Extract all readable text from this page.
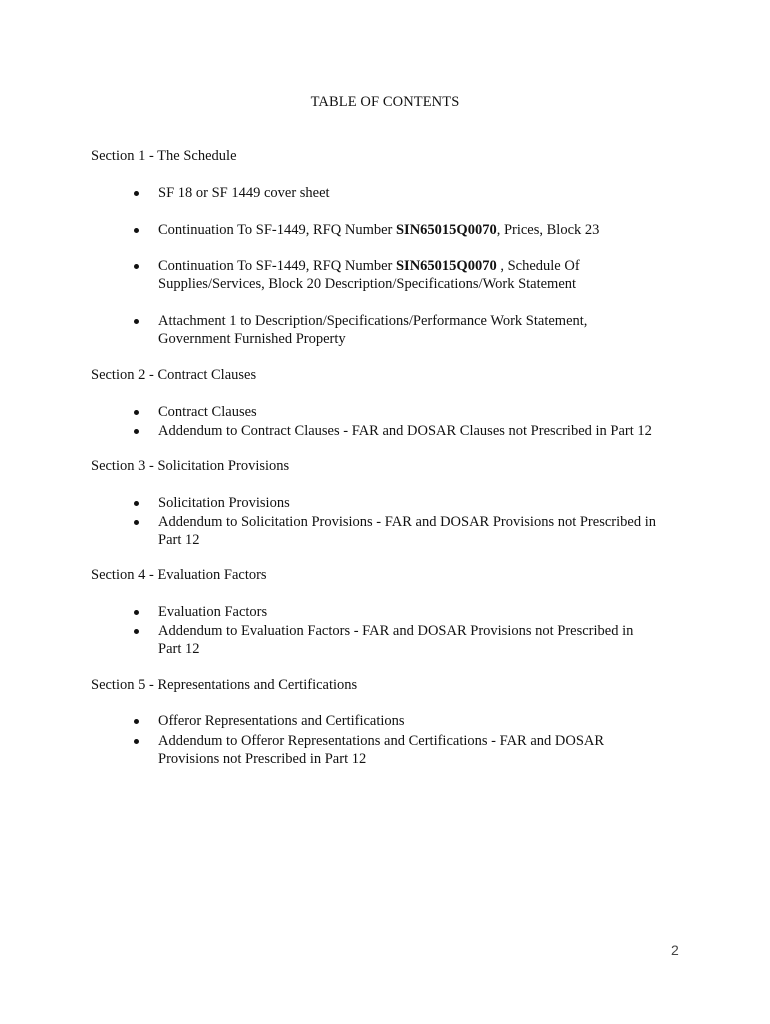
TABLE OF CONTENTS
Section 1 - The Schedule
SF 18 or SF 1449 cover sheet
Continuation To SF-1449, RFQ Number SIN65015Q0070, Prices, Block 23
Continuation To SF-1449, RFQ Number SIN65015Q0070 , Schedule Of
Supplies/Services, Block 20 Description/Specifications/Work Statement
Attachment 1 to Description/Specifications/Performance Work Statement,
Government Furnished Property
Section 2 - Contract Clauses
Contract Clauses
Addendum to Contract Clauses - FAR and DOSAR Clauses not Prescribed in Part 12
Section 3 - Solicitation Provisions
Solicitation Provisions
Addendum to Solicitation Provisions - FAR and DOSAR Provisions not Prescribed in
Part 12
Section 4 - Evaluation Factors
Evaluation Factors
Addendum to Evaluation Factors - FAR and DOSAR Provisions not Prescribed in
Part 12
Section 5 - Representations and Certifications
Offeror Representations and Certifications
Addendum to Offeror Representations and Certifications - FAR and DOSAR
Provisions not Prescribed in Part 12
2
